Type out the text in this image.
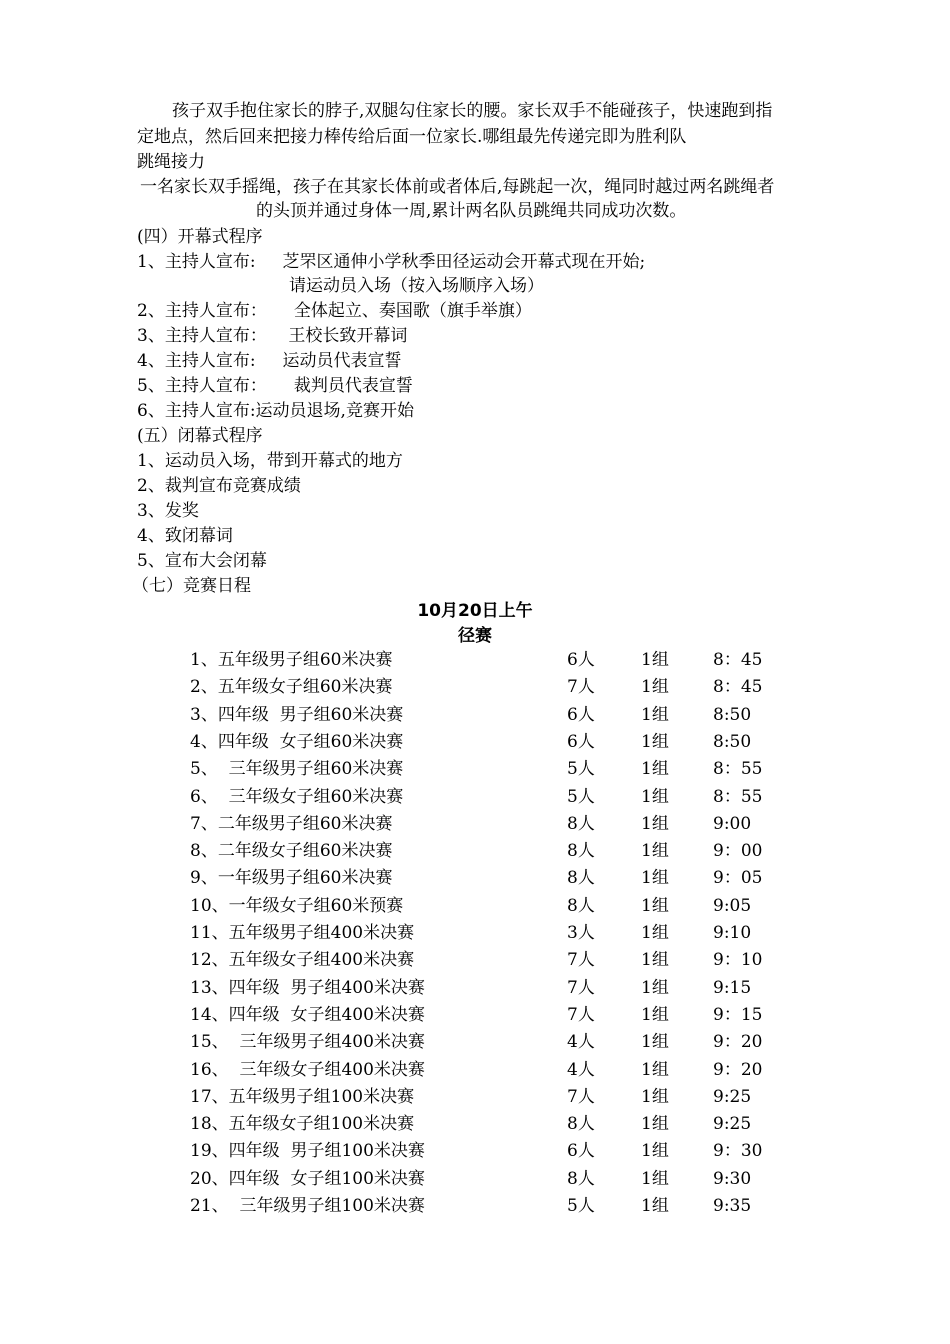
孩子双手抱住家长的脖子,双腿勾住家长的腰。家长双手不能碰孩子，快速跑到指
定地点，然后回来把接力棒传给后面一位家长.哪组最先传递完即为胜利队
跳绳接力
一名家长双手摇绳，孩子在其家长体前或者体后,每跳起一次，绳同时越过两名跳绳者
的头顶并通过身体一周,累计两名队员跳绳共同成功次数。
(四）开幕式程序
1、主持人宣布:     芝罘区通伸小学秋季田径运动会开幕式现在开始;
请运动员入场（按入场顺序入场）
2、主持人宣布：     全体起立、奏国歌（旗手举旗）
3、主持人宣布：    王校长致开幕词
4、主持人宣布:     运动员代表宣誓
5、主持人宣布：     裁判员代表宣誓
6、主持人宣布:运动员退场,竞赛开始
(五）闭幕式程序
1、运动员入场，带到开幕式的地方
2、裁判宣布竞赛成绩
3、发奖
4、致闭幕词
5、宣布大会闭幕
（七）竞赛日程
10月20日上午
径赛
1、五年级男子组60米决赛	6人	1组	8：45
2、五年级女子组60米决赛	7人	1组	8：45
3、四年级  男子组60米决赛	6人	1组	8:50
4、四年级  女子组60米决赛	6人	1组	8:50
5、  三年级男子组60米决赛	5人	1组	8：55
6、  三年级女子组60米决赛	5人	1组	8：55
7、二年级男子组60米决赛	8人	1组	9:00
8、二年级女子组60米决赛	8人	1组	9：00
9、一年级男子组60米决赛	8人	1组	9：05
10、一年级女子组60米预赛	8人	1组	9:05
11、五年级男子组400米决赛	3人	1组	9:10
12、五年级女子组400米决赛	7人	1组	9：10
13、四年级  男子组400米决赛	7人	1组	9:15
14、四年级  女子组400米决赛	7人	1组	9：15
15、  三年级男子组400米决赛	4人	1组	9：20
16、  三年级女子组400米决赛	4人	1组	9：20
17、五年级男子组100米决赛	7人	1组	9:25
18、五年级女子组100米决赛	8人	1组	9:25
19、四年级  男子组100米决赛	6人	1组	9：30
20、四年级  女子组100米决赛	8人	1组	9:30
21、  三年级男子组100米决赛	5人	1组	9:35
